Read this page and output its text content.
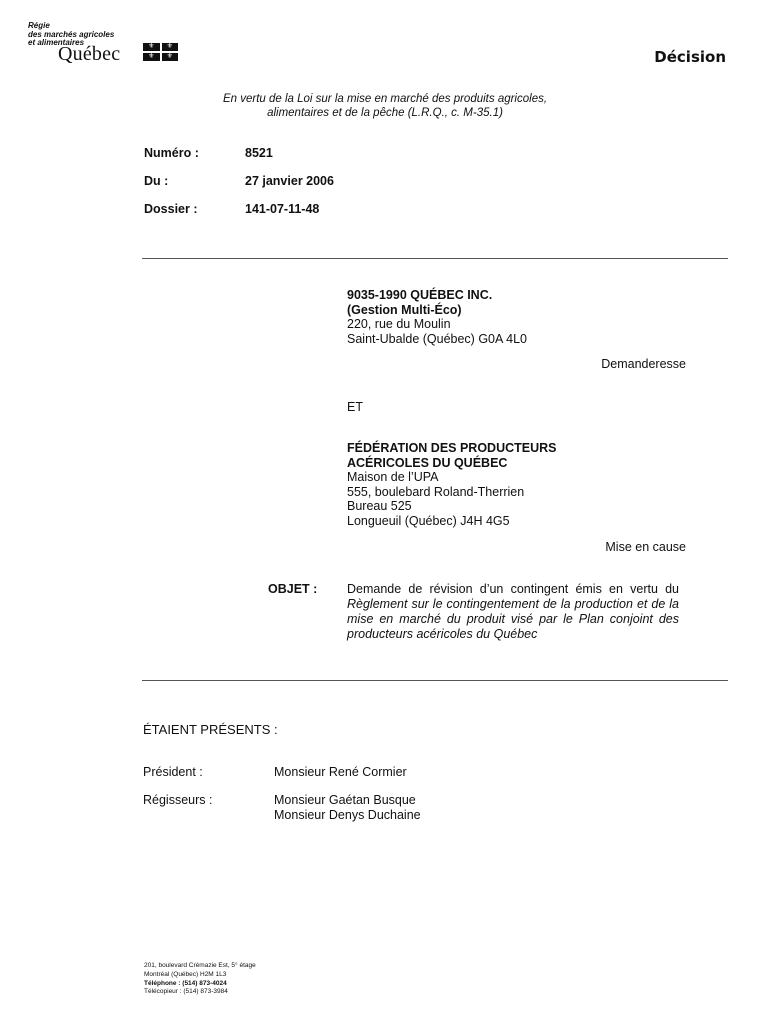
Régie
des marchés agricoles
et alimentaires
Québec	⚜	⚜
⚜	⚜	Décision
En vertu de la Loi sur la mise en marché des produits agricoles,
alimentaires et de la pêche (L.R.Q., c. M-35.1)
Numéro :	8521
Du :	27 janvier 2006
Dossier :	141-07-11-48
9035-1990 QUÉBEC INC.
(Gestion Multi-Éco)
220, rue du Moulin
Saint-Ubalde (Québec) G0A 4L0
Demanderesse
ET
FÉDÉRATION DES PRODUCTEURS
ACÉRICOLES DU QUÉBEC
Maison de l’UPA
555, boulebard Roland-Therrien
Bureau 525
Longueuil (Québec) J4H 4G5
Mise en cause
OBJET : Demande de révision d’un contingent émis en vertu du Règlement sur le contingentement de la production et de la mise en marché du produit visé par le Plan conjoint des producteurs acéricoles du Québec
ÉTAIENT PRÉSENTS :
Président :	Monsieur René Cormier
Régisseurs :	Monsieur Gaétan Busque
Monsieur Denys Duchaine
201, boulevard Crémazie Est, 5° étage
Montréal (Québec) H2M 1L3
Téléphone : (514) 873-4024
Télécopieur : (514) 873-3984
